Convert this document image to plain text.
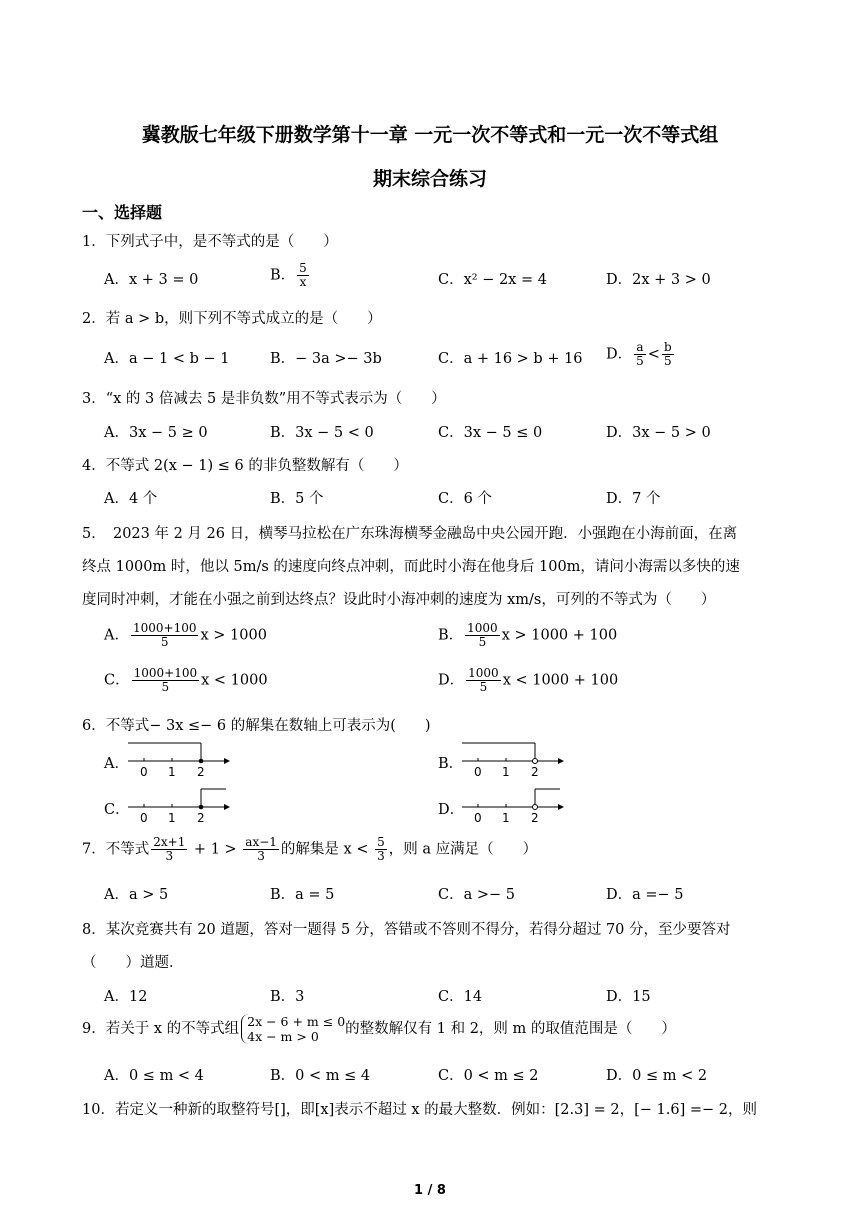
冀教版七年级下册数学第十一章 一元一次不等式和一元一次不等式组
期末综合练习
一、选择题
1．下列式子中，是不等式的是（　　）
A．x + 3 = 0	B． $\frac{5}{x}$	C．x² − 2x = 4	D．2x + 3 > 0
2．若 a > b，则下列不等式成立的是（　　）
A．a − 1 < b − 1	B．− 3a >− 3b	C．a + 16 > b + 16 D． $\frac{a}{5} < \frac{b}{5}$
3．“x 的 3 倍减去 5 是非负数”用不等式表示为（　　）
A．3x − 5 ≥ 0	B．3x − 5 < 0	C．3x − 5 ≤ 0	D．3x − 5 > 0
4．不等式 2(x − 1) ≤ 6 的非负整数解有（　　）
A．4 个	B．5 个	C．6 个	D．7 个
5．　2023 年 2 月 26 日，横琴马拉松在广东珠海横琴金融岛中央公园开跑．小强跑在小海前面，在离
终点 1000m 时，他以 5m/s 的速度向终点冲刺，而此时小海在他身后 100m，请问小海需以多快的速
度同时冲刺，才能在小强之前到达终点？设此时小海冲刺的速度为 xm/s，可列的不等式为（　　）
A． $\frac{1000+100}{5}$ x > 1000	B． $\frac{1000}{5}$ x > 1000 + 100
C． $\frac{1000+100}{5}$ x < 1000	D． $\frac{1000}{5}$ x < 1000 + 100
6．不等式− 3x ≤− 6 的解集在数轴上可表示为(　　)
A． 0 1 2	B． 0 1 2
C． 0 1 2	D． 0 1 2
7．不等式 $\frac{2x+1}{3} + 1 > \frac{ax-1}{3}$ 的解集是 $x < \frac{5}{3}$ ，则 a 应满足（　　）
A．a > 5	B．a = 5	C．a >− 5	D．a =− 5
8．某次竞赛共有 20 道题，答对一题得 5 分，答错或不答则不得分，若得分超过 70 分，至少要答对
（　　）道题．
A．12	B．3	C．14	D．15
9．若关于 x 的不等式组 2x − 6 + m ≤ 0
4x − m > 0	的整数解仅有 1 和 2，则 m 的取值范围是（　　）
A．0 ≤ m < 4	B．0 < m ≤ 4	C．0 < m ≤ 2	D．0 ≤ m < 2
10．若定义一种新的取整符号[]，即[x]表示不超过 x 的最大整数．例如：[2.3] = 2，[− 1.6] =− 2，则
1 / 8
